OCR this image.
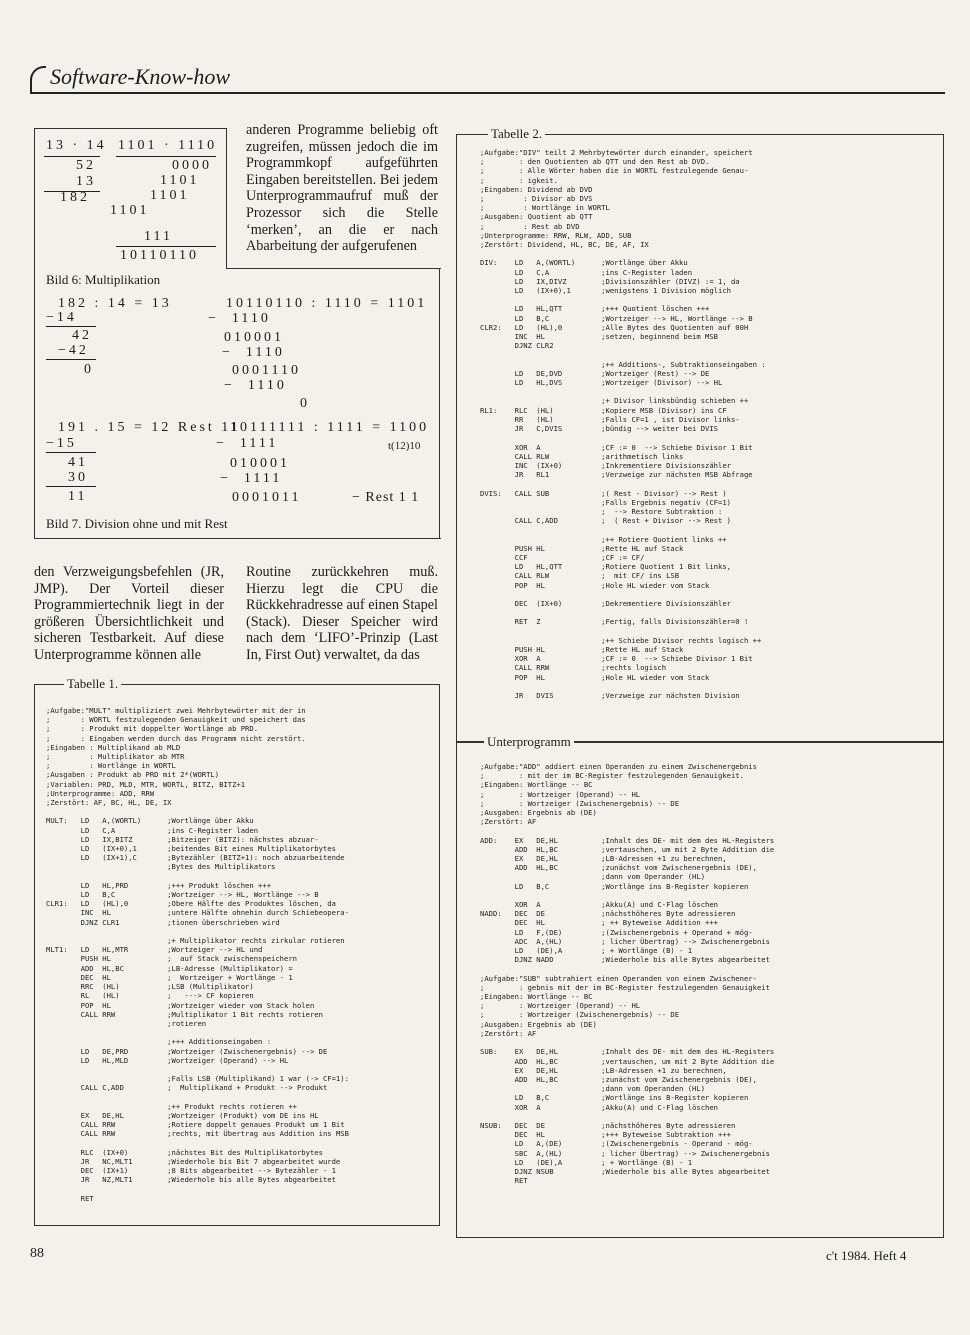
Software-Know-how
13 · 14
52
13
182
1101 · 1110
0000
1101
1101
1101
111
10110110
Bild 6: Multiplikation
182 : 14 = 13
−14
42
−42
0
10110110 : 1110 = 1101
−  1110
010001
−  1110
0001110
−  1110
0
191 . 15 = 12 Rest 11
−15
41
30
11
10111111 : 1111 = 1100
t(12)10
−  1111
010001
−  1111
0001011	− Rest 1 1
Bild 7. Division ohne und mit Rest

anderen Programme beliebig oft zugreifen, müssen jedoch die im Programmkopf aufgeführten Eingaben bereitstellen. Bei jedem Unterprogrammaufruf muß der Prozessor sich die Stelle ‘merken’, an die er nach Abarbeitung der aufgerufenen

den Verzweigungsbefehlen (JR, JMP). Der Vorteil dieser Programmiertechnik liegt in der größeren Übersichtlichkeit und sicheren Testbarkeit. Auf diese Unterprogramme können alle

Routine zurückkehren muß. Hierzu legt die CPU die Rückkehradresse auf einen Stapel (Stack). Dieser Speicher wird nach dem ‘LIFO’-Prinzip (Last In, First Out) verwaltet, da das

Tabelle 1.
;Aufgabe:"MULT" multipliziert zwei Mehrbytewörter mit der in
;       : WORTL festzulegenden Genauigkeit und speichert das
;       : Produkt mit doppelter Wortlänge ab PRD.
;       : Eingaben werden durch das Programm nicht zerstört.
;Eingaben : Multiplikand ab MLD
;         : Multiplikator ab MTR
;         : Wortlänge in WORTL
;Ausgaben : Produkt ab PRD mit 2*(WORTL)
;Variablen: PRD, MLD, MTR, WORTL, BITZ, BITZ+1
;Unterprogramme: ADD, RRW
;Zerstört: AF, BC, HL, DE, IX

MULT:   LD   A,(WORTL)      ;Wortlänge über Akku
LD   C,A            ;ins C-Register laden
LD   IX,BITZ        ;Bitzeiger (BITZ): nächstes abzuar-
LD   (IX+0),1       ;beitendes Bit eines Multiplikatorbytes
LD   (IX+1),C       ;Bytezähler (BITZ+1): noch abzuarbeitende
;Bytes des Multiplikators

LD   HL,PRD         ;+++ Produkt löschen +++
LD   B,C            ;Wortzeiger --> HL, Wortlänge --> B
CLR1:   LD   (HL),0         ;Obere Hälfte des Produktes löschen, da
INC  HL             ;untere Hälfte ohnehin durch Schiebeopera-
DJNZ CLR1           ;tionen überschrieben wird

;+ Multiplikator rechts zirkular rotieren
MLT1:   LD   HL,MTR         ;Wortzeiger --> HL und
PUSH HL             ;  auf Stack zwischenspeichern
ADD  HL,BC          ;LB-Adresse (Multiplikator) =
DEC  HL             ;  Wortzeiger + Wortlänge - 1
RRC  (HL)           ;LSB (Multiplikator)
RL   (HL)           ;   ---> CF kopieren
POP  HL             ;Wortzeiger wieder vom Stack holen
CALL RRW            ;Multiplikator 1 Bit rechts rotieren
;rotieren

;+++ Additionseingaben :
LD   DE,PRD         ;Wortzeiger (Zwischenergebnis) --> DE
LD   HL,MLD         ;Wortzeiger (Operand) --> HL

;Falls LSB (Multiplikand) 1 war (-> CF=1):
CALL C,ADD          ;  Multiplikand + Produkt --> Produkt

;++ Produkt rechts rotieren ++
EX   DE,HL          ;Wortzeiger (Produkt) vom DE ins HL
CALL RRW            ;Rotiere doppelt genaues Produkt um 1 Bit
CALL RRW            ;rechts, mit Übertrag aus Addition ins MSB

RLC  (IX+0)         ;nächstes Bit des Multiplikatorbytes
JR   NC,MLT1        ;Wiederhole bis Bit 7 abgearbeitet wurde
DEC  (IX+1)         ;8 Bits abgearbeitet --> Bytezähler - 1
JR   NZ,MLT1        ;Wiederhole bis alle Bytes abgearbeitet

RET
Tabelle 2.
;Aufgabe:"DIV" teilt 2 Mehrbytewörter durch einander, speichert
;        : den Quotienten ab QTT und den Rest ab DVD.
;        : Alle Wörter haben die in WORTL festzulegende Genau-
;        : igkeit.
;Eingaben: Dividend ab DVD
;         : Divisor ab DVS
;         : Wortlänge in WORTL
;Ausgaben: Quotient ab QTT
;         : Rest ab DVD
;Unterprogramme: RRW, RLW, ADD, SUB
;Zerstört: Dividend, HL, BC, DE, AF, IX

DIV:    LD   A,(WORTL)      ;Wortlänge über Akku
LD   C,A            ;ins C-Register laden
LD   IX,DIVZ        ;Divisionszähler (DIVZ) := 1, da
LD   (IX+0),1       ;wenigstens 1 Division möglich

LD   HL,QTT         ;+++ Quotient löschen +++
LD   B,C            ;Wortzeiger --> HL, Wortlänge --> B
CLR2:   LD   (HL),0         ;Alle Bytes des Quotienten auf 00H
INC  HL             ;setzen, beginnend beim MSB
DJNZ CLR2

;++ Additions-, Subtraktionseingaben :
LD   DE,DVD         ;Wortzeiger (Rest) --> DE
LD   HL,DVS         ;Wortzeiger (Divisor) --> HL

;+ Divisor linksbündig schieben ++
RL1:    RLC  (HL)           ;Kopiere MSB (Divisor) ins CF
RR   (HL)           ;Falls CF=1 , ist Divisor links-
JR   C,DVIS         ;bündig --> weiter bei DVIS

XOR  A              ;CF := 0  --> Schiebe Divisor 1 Bit
CALL RLW            ;arithmetisch links
INC  (IX+0)         ;Inkrementiere Divisionszähler
JR   RL1            ;Verzweige zur nächsten MSB Abfrage

DVIS:   CALL SUB            ;( Rest - Divisor) --> Rest )
;Falls Ergebnis negativ (CF=1)
;  --> Restore Subtraktion :
CALL C,ADD          ;  ( Rest + Divisor --> Rest )

;++ Rotiere Quotient links ++
PUSH HL             ;Rette HL auf Stack
CCF                 ;CF := CF/
LD   HL,QTT         ;Rotiere Quotient 1 Bit links,
CALL RLW            ;  mit CF/ ins LSB
POP  HL             ;Hole HL wieder vom Stack

DEC  (IX+0)         ;Dekrementiere Divisionszähler

RET  Z              ;Fertig, falls Divisionszähler=0 !

;++ Schiebe Divisor rechts logisch ++
PUSH HL             ;Rette HL auf Stack
XOR  A              ;CF := 0  --> Schiebe Divisor 1 Bit
CALL RRW            ;rechts logisch
POP  HL             ;Hole HL wieder vom Stack

JR   DVIS           ;Verzweige zur nächsten Division
Unterprogramm
;Aufgabe:"ADD" addiert einen Operanden zu einem Zwischenergebnis
;        : mit der im BC-Register festzulegenden Genauigkeit.
;Eingaben: Wortlänge -- BC
;        : Wortzeiger (Operand) -- HL
;        : Wortzeiger (Zwischenergebnis) -- DE
;Ausgaben: Ergebnis ab (DE)
;Zerstört: AF

ADD:    EX   DE,HL          ;Inhalt des DE- mit dem des HL-Registers
ADD  HL,BC          ;vertauschen, um mit 2 Byte Addition die
EX   DE,HL          ;LB-Adressen +1 zu berechnen,
ADD  HL,BC          ;zunächst vom Zwischenergebnis (DE),
;dann vom Operander (HL)
LD   B,C            ;Wortlänge ins B-Register kopieren

XOR  A              ;Akku(A) und C-Flag löschen
NADD:   DEC  DE             ;nächsthöheres Byte adressieren
DEC  HL             ; ++ Byteweise Addition +++
LD   F,(DE)         ;(Zwischenergebnis + Operand + mög-
ADC  A,(HL)         ; licher Übertrag) --> Zwischenergebnis
LD   (DE),A         ; + Wortlänge (B) - 1
DJNZ NADD           ;Wiederhole bis alle Bytes abgearbeitet

;Aufgabe:"SUB" subtrahiert einen Operanden von einem Zwischener-
;        : gebnis mit der im BC-Register festzulegenden Genauigkeit
;Eingaben: Wortlänge -- BC
;        : Wortzeiger (Operand) -- HL
;        : Wortzeiger (Zwischenergebnis) -- DE
;Ausgaben: Ergebnis ab (DE)
;Zerstört: AF

SUB:    EX   DE,HL          ;Inhalt des DE- mit dem des HL-Registers
ADD  HL,BC          ;vertauschen, um mit 2 Byte Addition die
EX   DE,HL          ;LB-Adressen +1 zu berechnen,
ADD  HL,BC          ;zunächst vom Zwischenergebnis (DE),
;dann vom Operanden (HL)
LD   B,C            ;Wortlänge ins B-Register kopieren
XOR  A              ;Akku(A) und C-Flag löschen

NSUB:   DEC  DE             ;nächsthöheres Byte adressieren
DEC  HL             ;+++ Byteweise Subtraktion +++
LD   A,(DE)         ;(Zwischenergebnis - Operand - mög-
SBC  A,(HL)         ; licher Übertrag) --> Zwischenergebnis
LD   (DE),A         ; + Wortlänge (B) - 1
DJNZ NSUB           ;Wiederhole bis alle Bytes abgearbeitet
RET
88	c't 1984. Heft 4
